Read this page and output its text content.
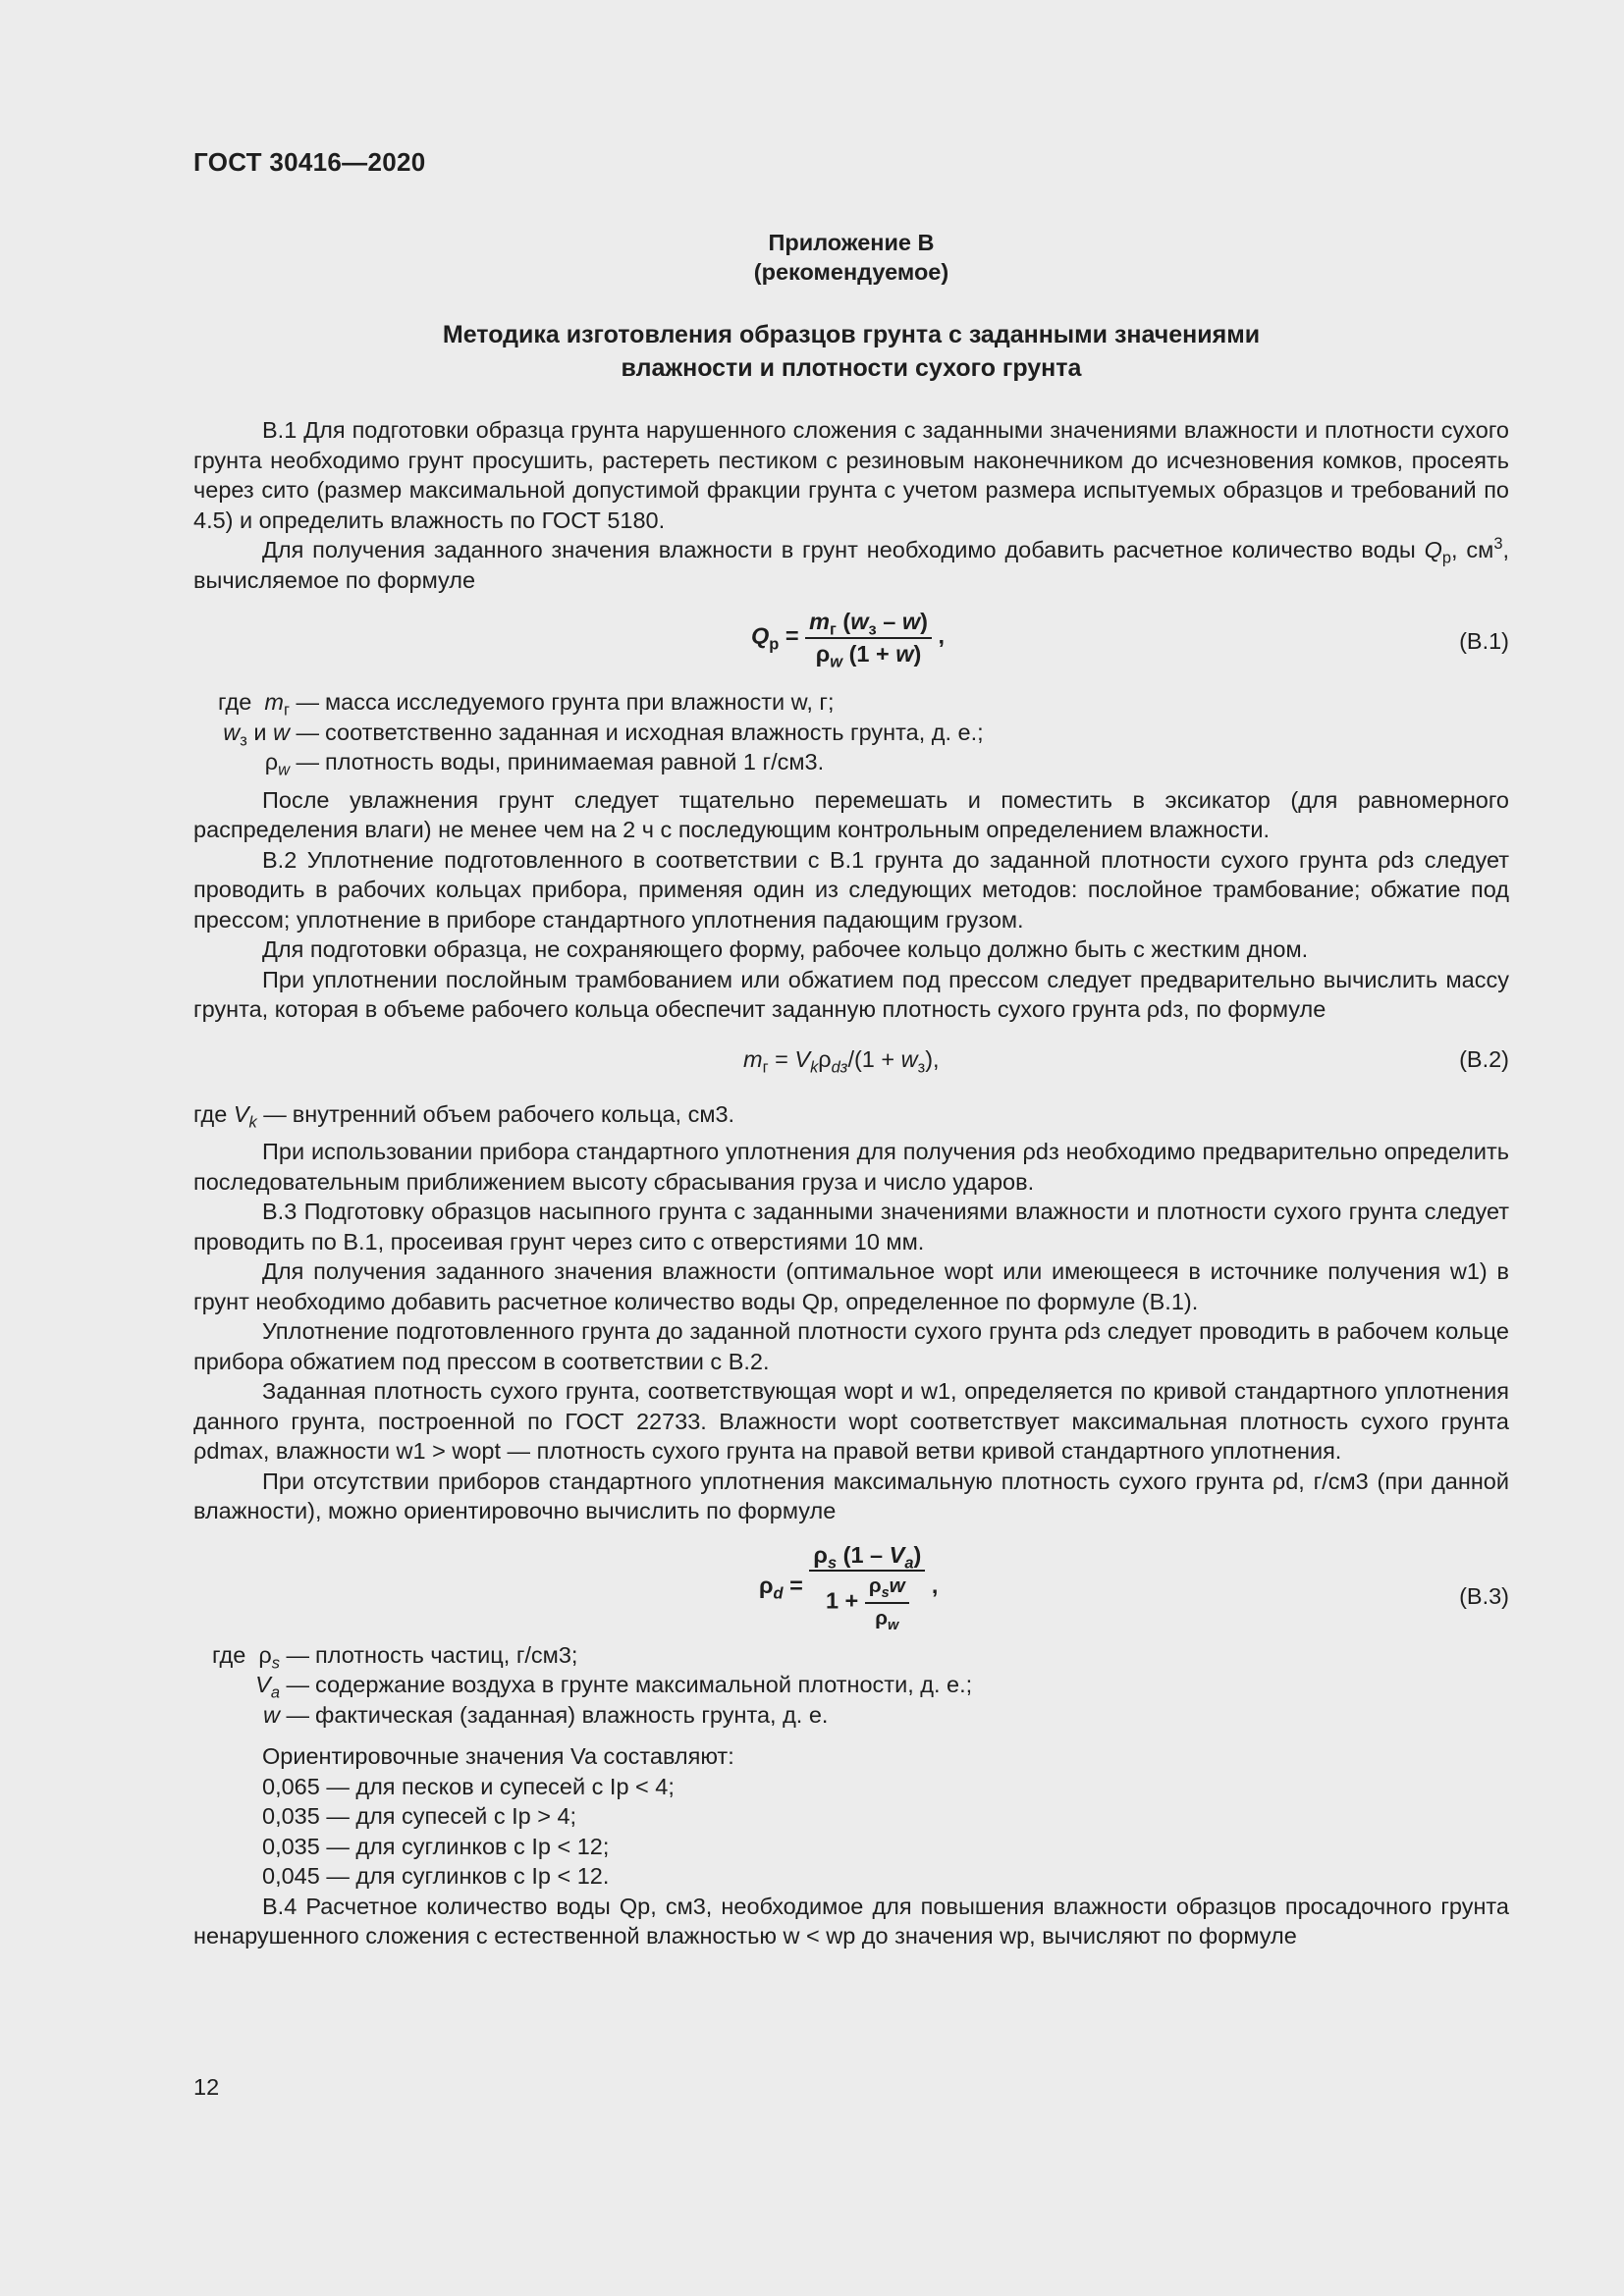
ГОСТ 30416—2020
Приложение В
(рекомендуемое)
Методика изготовления образцов грунта с заданными значениями
влажности и плотности сухого грунта

В.1 Для подготовки образца грунта нарушенного сложения с заданными значениями влажности и плотности сухого грунта необходимо грунт просушить, растереть пестиком с резиновым наконечником до исчезновения комков, просеять через сито (размер максимальной допустимой фракции грунта с учетом размера испытуемых образцов и требований по 4.5) и определить влажность по ГОСТ 5180.

Для получения заданного значения влажности в грунт необходимо добавить расчетное количество воды $Q_р$, $см^3$, вычисляемое по формуле

$Q_р = \frac{m_г (w_з - w)}{\rho_w (1 + w)}$ ,	(В.1)
где $m_г$ — масса исследуемого грунта при влажности w, г;
$w_з$ и w — соответственно заданная и исходная влажность грунта, д. е.;
$\rho_w$ — плотность воды, принимаемая равной 1 г/см3.

После увлажнения грунт следует тщательно перемешать и поместить в эксикатор (для равномерного распределения влаги) не менее чем на 2 ч с последующим контрольным определением влажности.

В.2 Уплотнение подготовленного в соответствии с В.1 грунта до заданной плотности сухого грунта ρdз следует проводить в рабочих кольцах прибора, применяя один из следующих методов: послойное трамбование; обжатие под прессом; уплотнение в приборе стандартного уплотнения падающим грузом.

Для подготовки образца, не сохраняющего форму, рабочее кольцо должно быть с жестким дном.

При уплотнении послойным трамбованием или обжатием под прессом следует предварительно вычислить массу грунта, которая в объеме рабочего кольца обеспечит заданную плотность сухого грунта ρdз, по формуле

$m_г = V_k\rho_{dз}/(1 + w_з)$,	(В.2)
где $V_k$ — внутренний объем рабочего кольца, см3.

При использовании прибора стандартного уплотнения для получения ρdз необходимо предварительно определить последовательным приближением высоту сбрасывания груза и число ударов.

В.3 Подготовку образцов насыпного грунта с заданными значениями влажности и плотности сухого грунта следует проводить по В.1, просеивая грунт через сито с отверстиями 10 мм.

Для получения заданного значения влажности (оптимальное wopt или имеющееся в источнике получения w1) в грунт необходимо добавить расчетное количество воды Qр, определенное по формуле (В.1).

Уплотнение подготовленного грунта до заданной плотности сухого грунта ρdз следует проводить в рабочем кольце прибора обжатием под прессом в соответствии с В.2.

Заданная плотность сухого грунта, соответствующая wopt и w1, определяется по кривой стандартного уплотнения данного грунта, построенной по ГОСТ 22733. Влажности wopt соответствует максимальная плотность сухого грунта ρdmax, влажности w1 > wopt — плотность сухого грунта на правой ветви кривой стандартного уплотнения.

При отсутствии приборов стандартного уплотнения максимальную плотность сухого грунта ρd, г/см3 (при данной влажности), можно ориентировочно вычислить по формуле

$\rho_d = \frac{\rho_s (1 - V_a)}{1 + \frac{\rho_sw}{\rho_w}}$ ,	(В.3)
где  $\rho_s$ — плотность частиц, г/см3;
$V_a$ — содержание воздуха в грунте максимальной плотности, д. е.;
w — фактическая (заданная) влажность грунта, д. е.
Ориентировочные значения Va составляют:
0,065 — для песков и супесей с Ip < 4;
0,035 — для супесей с Ip > 4;
0,035 — для суглинков с Ip < 12;
0,045 — для суглинков с Ip < 12.

В.4 Расчетное количество воды Qр, см3, необходимое для повышения влажности образцов просадочного грунта ненарушенного сложения с естественной влажностью w < wp до значения wp, вычисляют по формуле

12
